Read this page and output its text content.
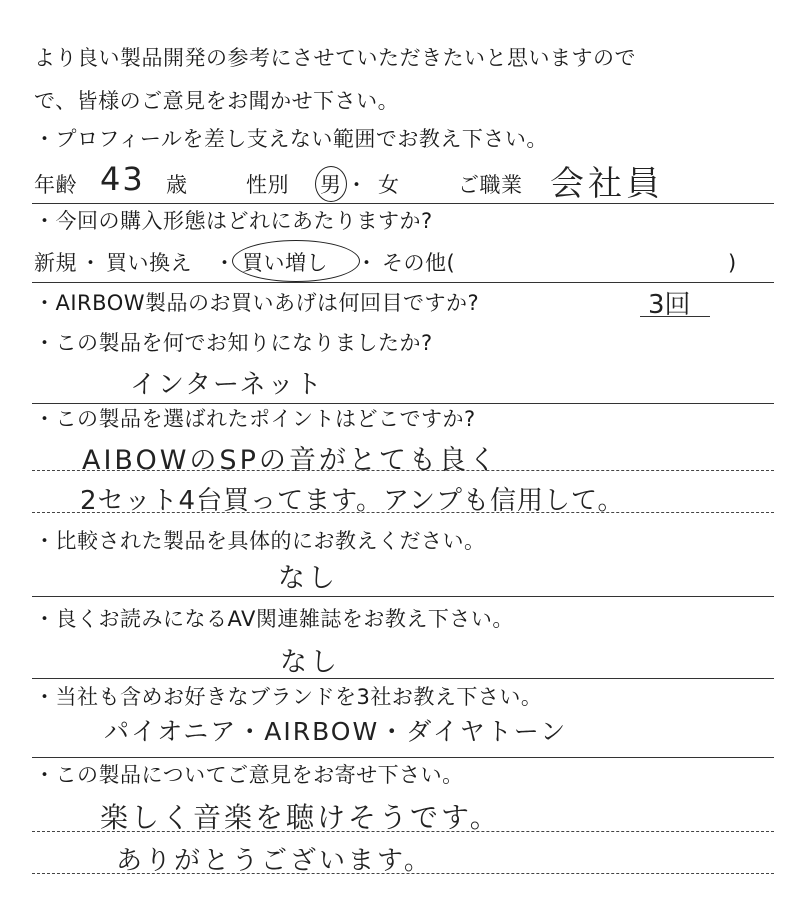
より良い製品開発の参考にさせていただきたいと思いますので
で、皆様のご意見をお聞かせ下さい。
・プロフィールを差し支えない範囲でお教え下さい。
年齢 43 歳	性別 男 ・ 女	ご職業 会社員
・今回の購入形態はどれにあたりますか?
新規 ・ 買い換え ・ 買い増し ・ その他(	)
・AIRBOW製品のお買いあげは何回目ですか?	3回
・この製品を何でお知りになりましたか?
インターネット
・この製品を選ばれたポイントはどこですか?
AIBOWのSPの音がとても良く
2セット4台買ってます。アンプも信用して。
・比較された製品を具体的にお教えください。
なし
・良くお読みになるAV関連雑誌をお教え下さい。
なし
・当社も含めお好きなブランドを3社お教え下さい。
パイオニア・AIRBOW・ダイヤトーン
・この製品についてご意見をお寄せ下さい。
楽しく音楽を聴けそうです。
ありがとうございます。
